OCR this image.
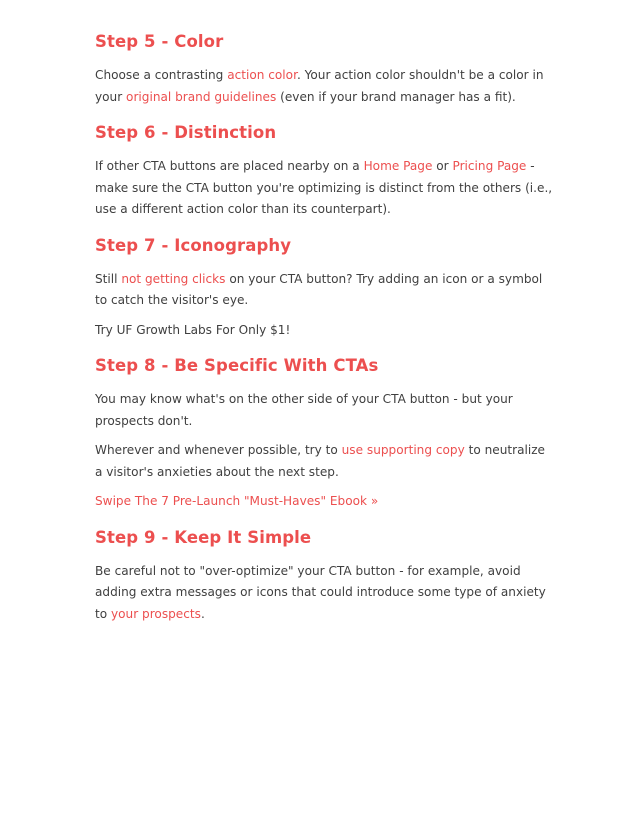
Step 5 - Color

Choose a contrasting action color. Your action color shouldn't be a color in your original brand guidelines (even if your brand manager has a fit).

Step 6 - Distinction

If other CTA buttons are placed nearby on a Home Page or Pricing Page - make sure the CTA button you're optimizing is distinct from the others (i.e., use a different action color than its counterpart).

Step 7 - Iconography

Still not getting clicks on your CTA button? Try adding an icon or a symbol to catch the visitor's eye.

Try UF Growth Labs For Only $1!

Step 8 - Be Specific With CTAs

You may know what's on the other side of your CTA button - but your prospects don't.

Wherever and whenever possible, try to use supporting copy to neutralize a visitor's anxieties about the next step.

Swipe The 7 Pre-Launch "Must-Haves" Ebook »

Step 9 - Keep It Simple

Be careful not to "over-optimize" your CTA button - for example, avoid adding extra messages or icons that could introduce some type of anxiety to your prospects.
